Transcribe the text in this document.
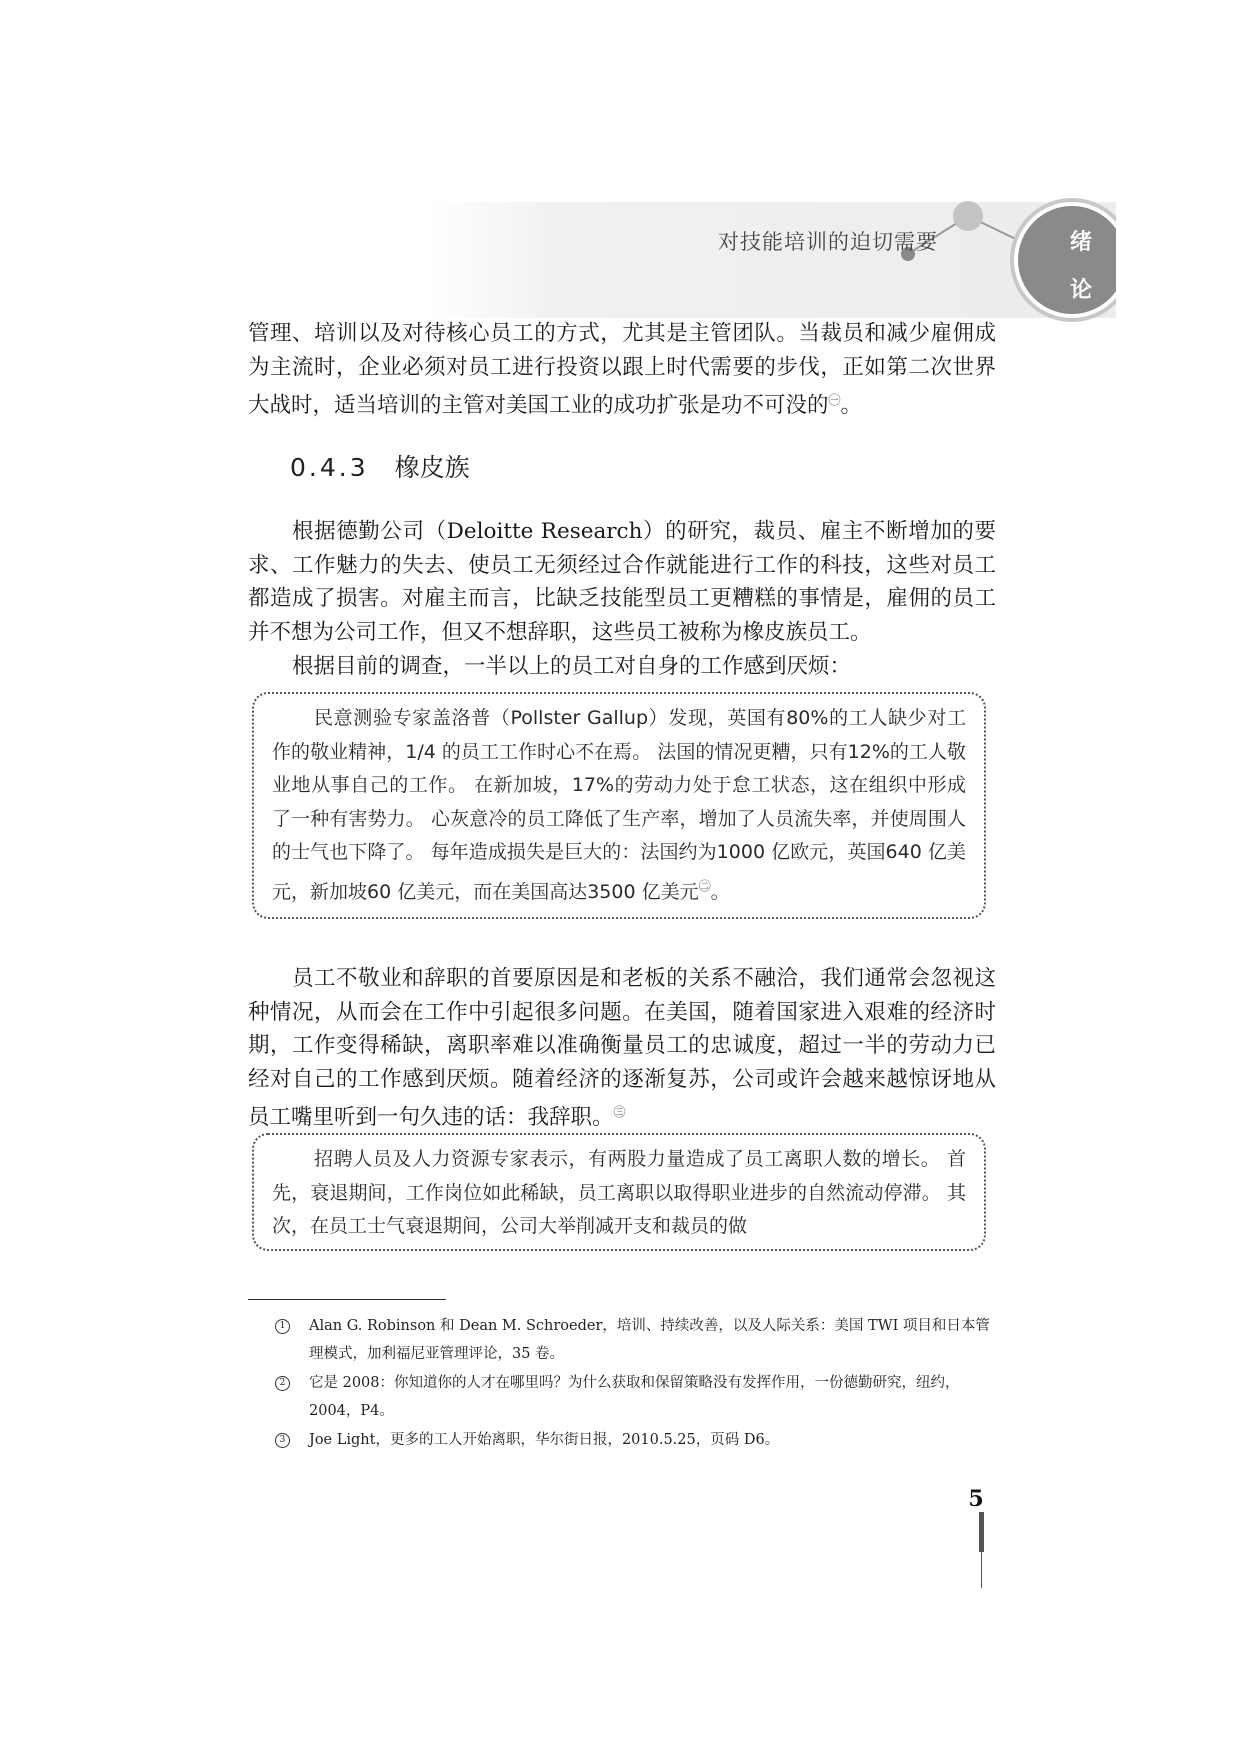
对技能培训的迫切需要	绪
论

管理、培训以及对待核心员工的方式，尤其是主管团队。当裁员和减少雇佣成为主流时，企业必须对员工进行投资以跟上时代需要的步伐，正如第二次世界大战时，适当培训的主管对美国工业的成功扩张是功不可没的$^㊀$。

0.4.3 橡皮族

根据德勤公司（Deloitte Research）的研究，裁员、雇主不断增加的要求、工作魅力的失去、使员工无须经过合作就能进行工作的科技，这些对员工都造成了损害。对雇主而言，比缺乏技能型员工更糟糕的事情是，雇佣的员工并不想为公司工作，但又不想辞职，这些员工被称为橡皮族员工。

根据目前的调查，一半以上的员工对自身的工作感到厌烦：

民意测验专家盖洛普（Pollster Gallup）发现，英国有80%的工人缺少对工作的敬业精神，1/4 的员工工作时心不在焉。 法国的情况更糟，只有12%的工人敬业地从事自己的工作。 在新加坡，17%的劳动力处于怠工状态，这在组织中形成了一种有害势力。 心灰意冷的员工降低了生产率，增加了人员流失率，并使周围人的士气也下降了。 每年造成损失是巨大的：法国约为1000 亿欧元，英国640 亿美元，新加坡60 亿美元，而在美国高达3500 亿美元$^㊁$。

员工不敬业和辞职的首要原因是和老板的关系不融洽，我们通常会忽视这种情况，从而会在工作中引起很多问题。在美国，随着国家进入艰难的经济时期，工作变得稀缺，离职率难以准确衡量员工的忠诚度，超过一半的劳动力已经对自己的工作感到厌烦。随着经济的逐渐复苏，公司或许会越来越惊讶地从员工嘴里听到一句久违的话：我辞职。$^㊂$

招聘人员及人力资源专家表示，有两股力量造成了员工离职人数的增长。 首先，衰退期间，工作岗位如此稀缺，员工离职以取得职业进步的自然流动停滞。 其次，在员工士气衰退期间，公司大举削减开支和裁员的做

1	Alan G. Robinson 和 Dean M. Schroeder，培训、持续改善，以及人际关系：美国 TWI 项目和日本管理模式，加利福尼亚管理评论，35 卷。
2	它是 2008：你知道你的人才在哪里吗？为什么获取和保留策略没有发挥作用，一份德勤研究，纽约，2004，P4。
3	Joe Light，更多的工人开始离职，华尔街日报，2010.5.25，页码 D6。
5
